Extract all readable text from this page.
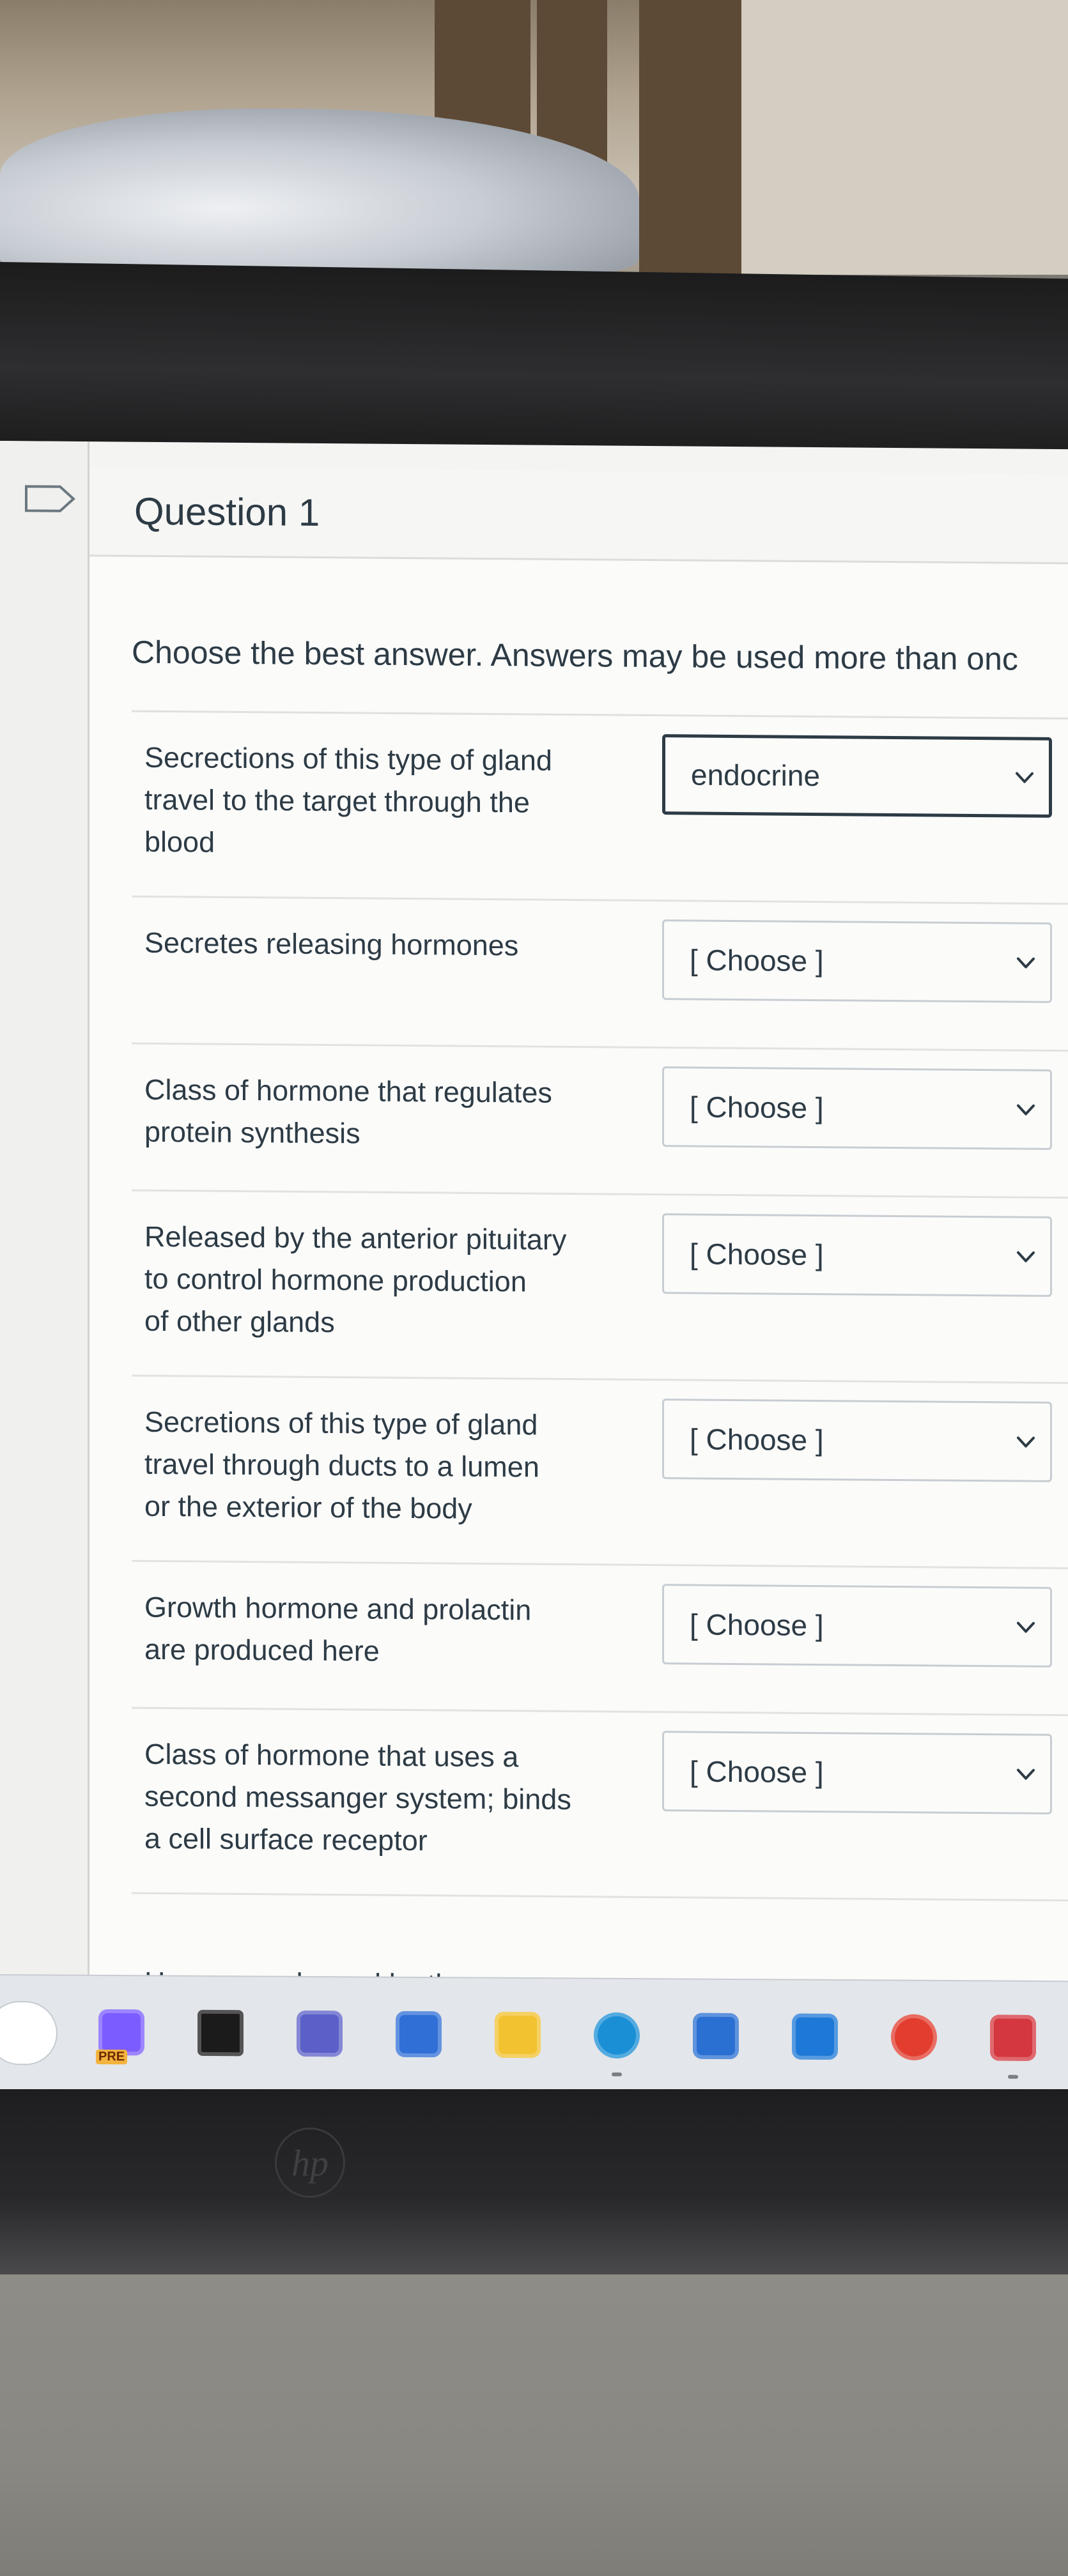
Question 1
Choose the best answer. Answers may be used more than onc
Secrections of this type of gland
travel to the target through the
blood
endocrine
Secretes releasing hormones	[ Choose ]
Class of hormone that regulates
protein synthesis
[ Choose ]
Released by the anterior pituitary
to control hormone production
of other glands
[ Choose ]
Secretions of this type of gland
travel through ducts to a lumen
or the exterior of the body
[ Choose ]
Growth hormone and prolactin
are produced here
[ Choose ]
Class of hormone that uses a
second messanger system; binds
a cell surface receptor
[ Choose ]
PRE
hp
